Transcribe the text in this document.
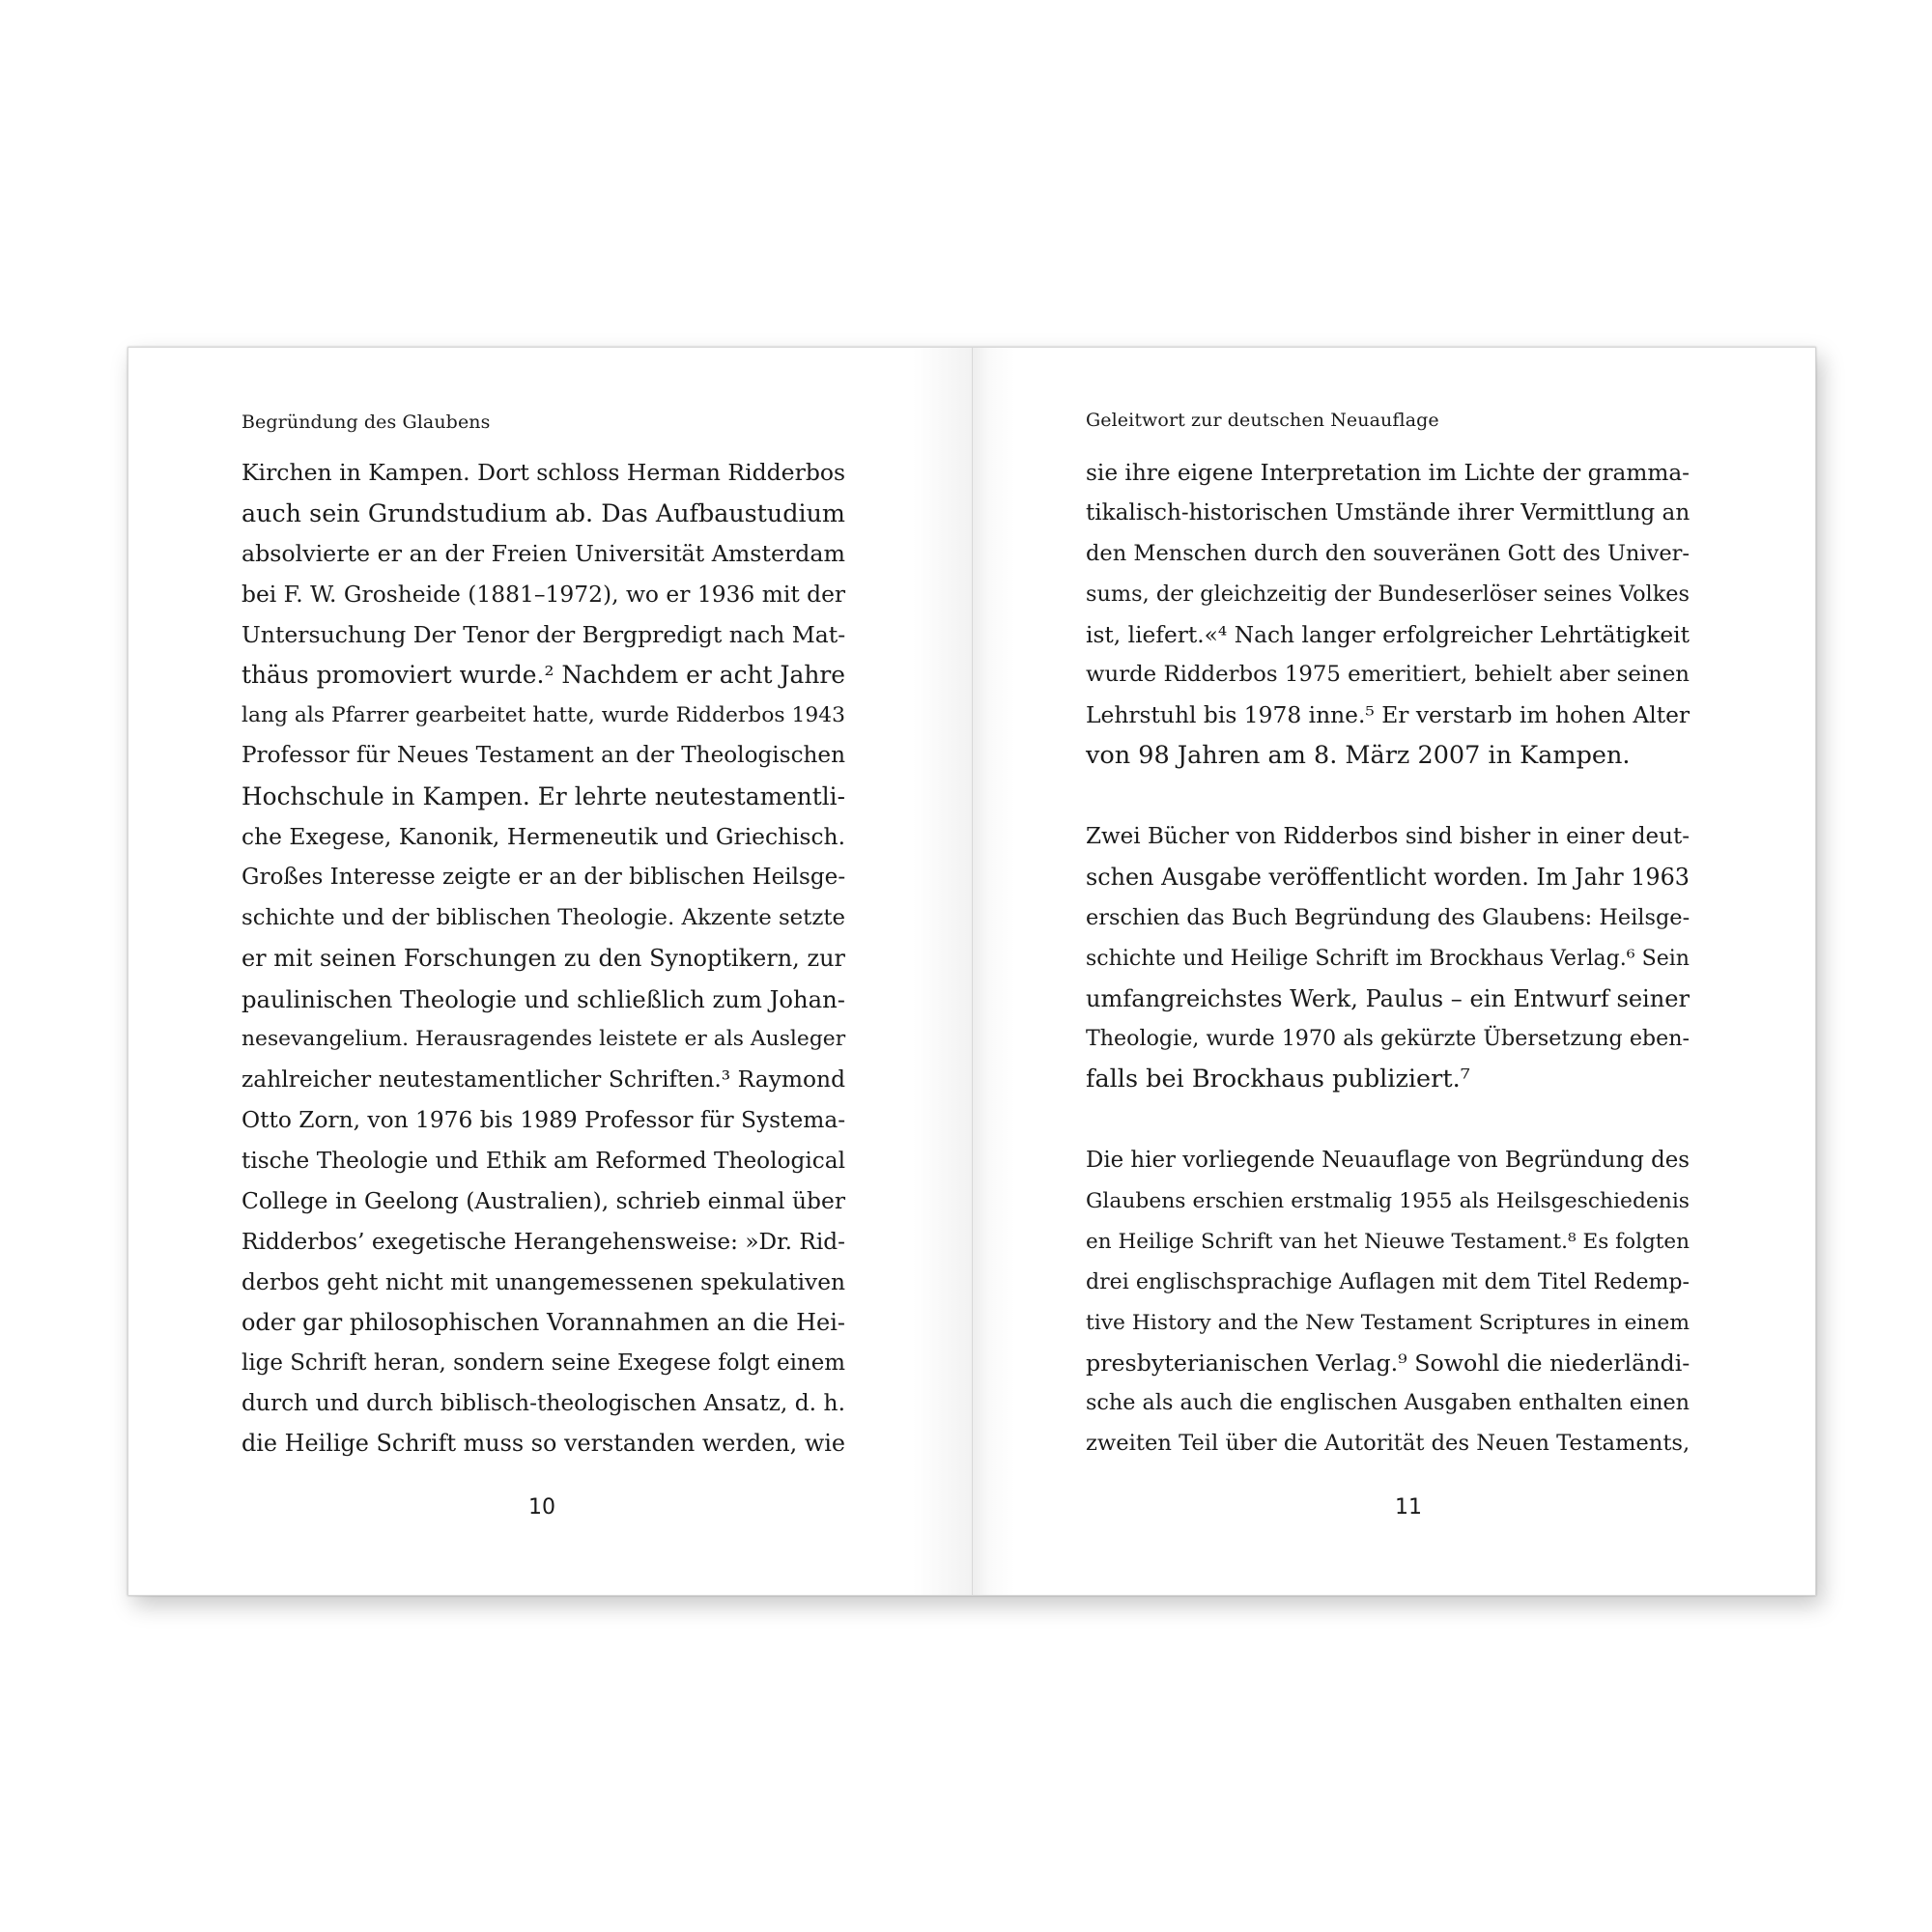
Begründung des Glaubens
Kirchen in Kampen. Dort schloss Herman Ridderbos
auch sein Grundstudium ab. Das Aufbaustudium
absolvierte er an der Freien Universität Amsterdam
bei F. W. Grosheide (1881–1972), wo er 1936 mit der
Untersuchung Der Tenor der Bergpredigt nach Mat-
thäus promoviert wurde.² Nachdem er acht Jahre
lang als Pfarrer gearbeitet hatte, wurde Ridderbos 1943
Professor für Neues Testament an der Theologischen
Hochschule in Kampen. Er lehrte neutestamentli-
che Exegese, Kanonik, Hermeneutik und Griechisch.
Großes Interesse zeigte er an der biblischen Heilsge-
schichte und der biblischen Theologie. Akzente setzte
er mit seinen Forschungen zu den Synoptikern, zur
paulinischen Theologie und schließlich zum Johan-
nesevangelium. Herausragendes leistete er als Ausleger
zahlreicher neutestamentlicher Schriften.³ Raymond
Otto Zorn, von 1976 bis 1989 Professor für Systema-
tische Theologie und Ethik am Reformed Theological
College in Geelong (Australien), schrieb einmal über
Ridderbos’ exegetische Herangehensweise: »Dr. Rid-
derbos geht nicht mit unangemessenen spekulativen
oder gar philosophischen Vorannahmen an die Hei-
lige Schrift heran, sondern seine Exegese folgt einem
durch und durch biblisch-theologischen Ansatz, d. h.
die Heilige Schrift muss so verstanden werden, wie
10
Geleitwort zur deutschen Neuauflage
sie ihre eigene Interpretation im Lichte der gramma-
tikalisch-historischen Umstände ihrer Vermittlung an
den Menschen durch den souveränen Gott des Univer-
sums, der gleichzeitig der Bundeserlöser seines Volkes
ist, liefert.«⁴ Nach langer erfolgreicher Lehrtätigkeit
wurde Ridderbos 1975 emeritiert, behielt aber seinen
Lehrstuhl bis 1978 inne.⁵ Er verstarb im hohen Alter
von 98 Jahren am 8. März 2007 in Kampen.
Zwei Bücher von Ridderbos sind bisher in einer deut-
schen Ausgabe veröffentlicht worden. Im Jahr 1963
erschien das Buch Begründung des Glaubens: Heilsge-
schichte und Heilige Schrift im Brockhaus Verlag.⁶ Sein
umfangreichstes Werk, Paulus – ein Entwurf seiner
Theologie, wurde 1970 als gekürzte Übersetzung eben-
falls bei Brockhaus publiziert.⁷
Die hier vorliegende Neuauflage von Begründung des
Glaubens erschien erstmalig 1955 als Heilsgeschiedenis
en Heilige Schrift van het Nieuwe Testament.⁸ Es folgten
drei englischsprachige Auflagen mit dem Titel Redemp-
tive History and the New Testament Scriptures in einem
presbyterianischen Verlag.⁹ Sowohl die niederländi-
sche als auch die englischen Ausgaben enthalten einen
zweiten Teil über die Autorität des Neuen Testaments,
11
